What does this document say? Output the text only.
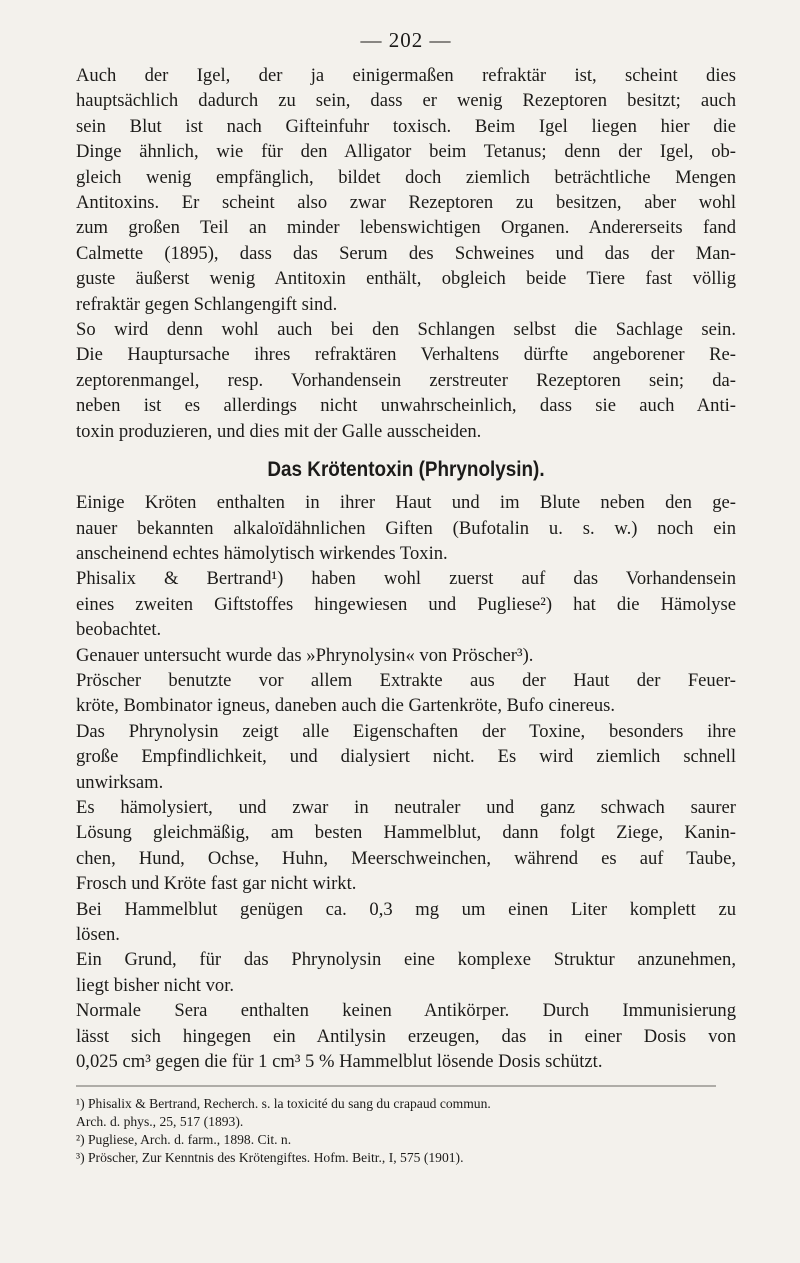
— 202 —

Auch der Igel, der ja einigermaßen refraktär ist, scheint dies
hauptsächlich dadurch zu sein, dass er wenig Rezeptoren besitzt; auch
sein Blut ist nach Gifteinfuhr toxisch. Beim Igel liegen hier die
Dinge ähnlich, wie für den Alligator beim Tetanus; denn der Igel, ob-
gleich wenig empfänglich, bildet doch ziemlich beträchtliche Mengen
Antitoxins. Er scheint also zwar Rezeptoren zu besitzen, aber wohl
zum großen Teil an minder lebenswichtigen Organen. Andererseits fand
Calmette (1895), dass das Serum des Schweines und das der Man-
guste äußerst wenig Antitoxin enthält, obgleich beide Tiere fast völlig
refraktär gegen Schlangengift sind.

So wird denn wohl auch bei den Schlangen selbst die Sachlage sein.
Die Hauptursache ihres refraktären Verhaltens dürfte angeborener Re-
zeptorenmangel, resp. Vorhandensein zerstreuter Rezeptoren sein; da-
neben ist es allerdings nicht unwahrscheinlich, dass sie auch Anti-
toxin produzieren, und dies mit der Galle ausscheiden.

Das Krötentoxin (Phrynolysin).

Einige Kröten enthalten in ihrer Haut und im Blute neben den ge-
nauer bekannten alkaloïdähnlichen Giften (Bufotalin u. s. w.) noch ein
anscheinend echtes hämolytisch wirkendes Toxin.

Phisalix & Bertrand¹) haben wohl zuerst auf das Vorhandensein
eines zweiten Giftstoffes hingewiesen und Pugliese²) hat die Hämolyse
beobachtet.

Genauer untersucht wurde das »Phrynolysin« von Pröscher³).

Pröscher benutzte vor allem Extrakte aus der Haut der Feuer-
kröte, Bombinator igneus, daneben auch die Gartenkröte, Bufo cinereus.

Das Phrynolysin zeigt alle Eigenschaften der Toxine, besonders ihre
große Empfindlichkeit, und dialysiert nicht. Es wird ziemlich schnell
unwirksam.

Es hämolysiert, und zwar in neutraler und ganz schwach saurer
Lösung gleichmäßig, am besten Hammelblut, dann folgt Ziege, Kanin-
chen, Hund, Ochse, Huhn, Meerschweinchen, während es auf Taube,
Frosch und Kröte fast gar nicht wirkt.

Bei Hammelblut genügen ca. 0,3 mg um einen Liter komplett zu
lösen.

Ein Grund, für das Phrynolysin eine komplexe Struktur anzunehmen,
liegt bisher nicht vor.

Normale Sera enthalten keinen Antikörper. Durch Immunisierung
lässt sich hingegen ein Antilysin erzeugen, das in einer Dosis von
0,025 cm³ gegen die für 1 cm³ 5 % Hammelblut lösende Dosis schützt.

¹) Phisalix & Bertrand, Recherch. s. la toxicité du sang du crapaud commun.
Arch. d. phys., 25, 517 (1893).
²) Pugliese, Arch. d. farm., 1898. Cit. n.
³) Pröscher, Zur Kenntnis des Krötengiftes. Hofm. Beitr., I, 575 (1901).
